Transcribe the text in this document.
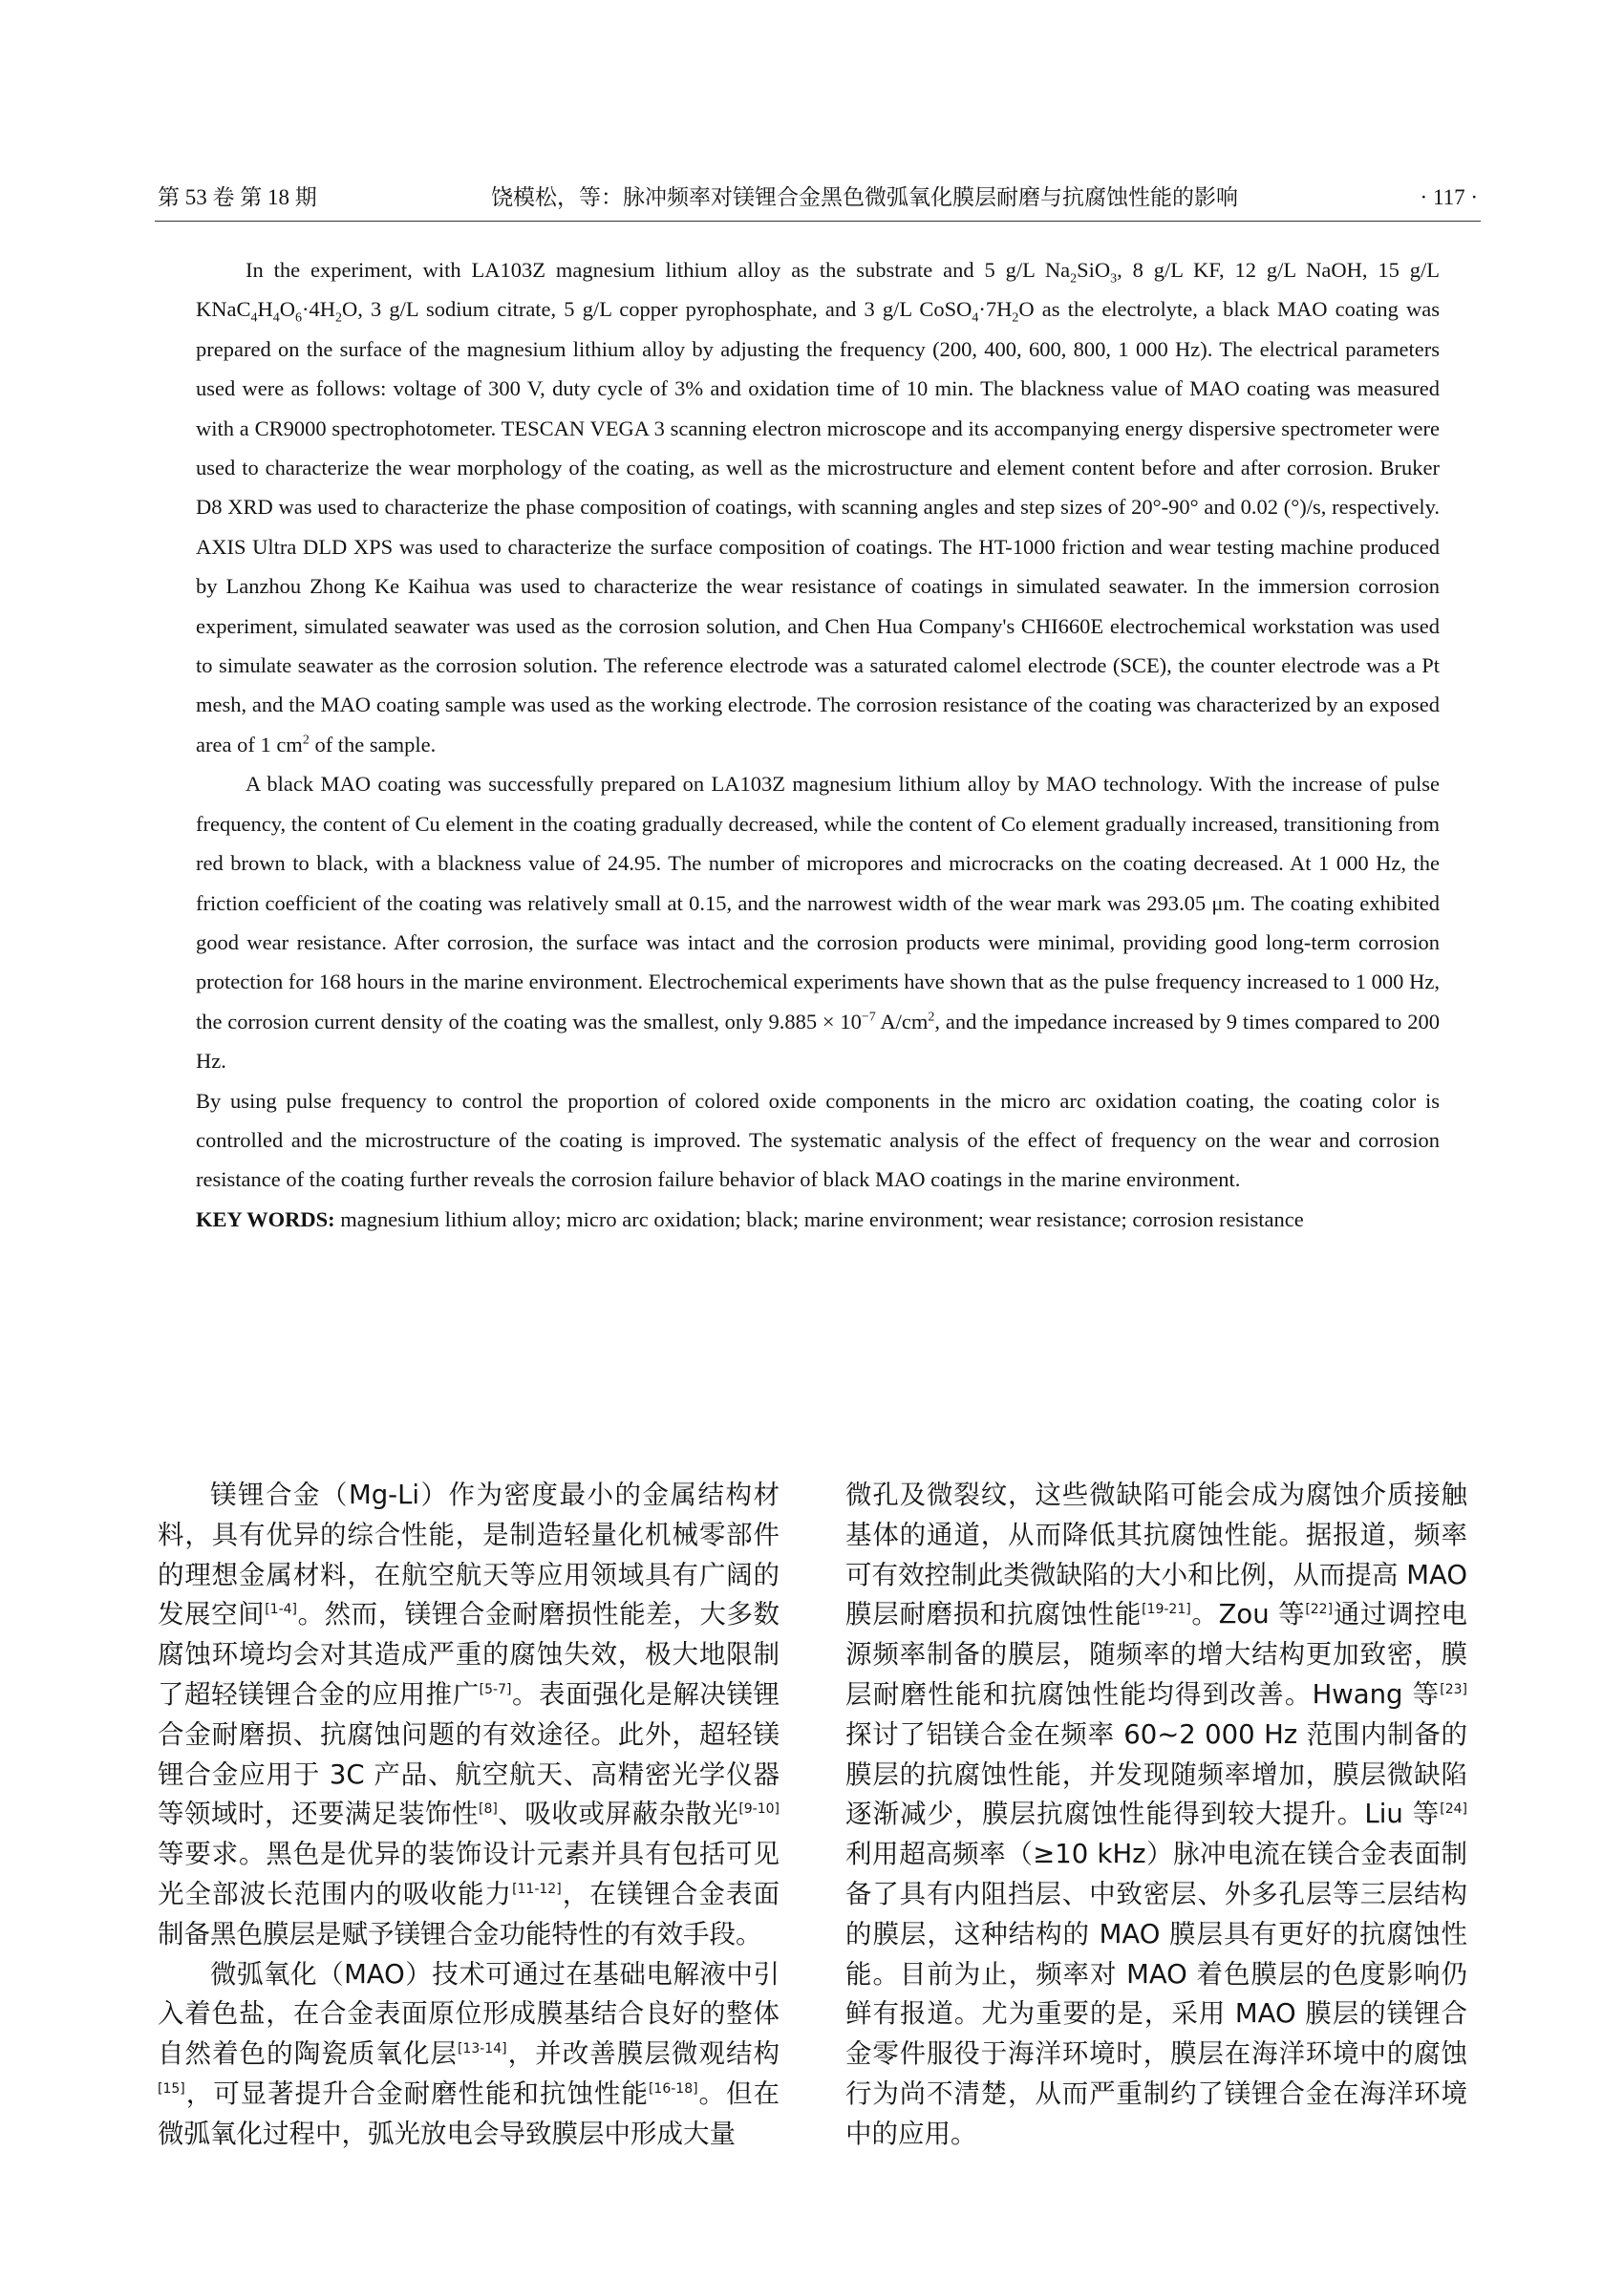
第 53 卷 第 18 期	饶模松，等：脉冲频率对镁锂合金黑色微弧氧化膜层耐磨与抗腐蚀性能的影响	· 117 ·

In the experiment, with LA103Z magnesium lithium alloy as the substrate and 5 g/L $Na_2SiO_3$, 8 g/L KF, 12 g/L NaOH, 15 g/L $KNaC_4H_4O_6\cdot 4H_2O$, 3 g/L sodium citrate, 5 g/L copper pyrophosphate, and 3 g/L $CoSO_4\cdot 7H_2O$ as the electrolyte, a black MAO coating was prepared on the surface of the magnesium lithium alloy by adjusting the frequency (200, 400, 600, 800, 1 000 Hz). The electrical parameters used were as follows: voltage of 300 V, duty cycle of 3% and oxidation time of 10 min. The blackness value of MAO coating was measured with a CR9000 spectrophotometer. TESCAN VEGA 3 scanning electron microscope and its accompanying energy dispersive spectrometer were used to characterize the wear morphology of the coating, as well as the microstructure and element content before and after corrosion. Bruker D8 XRD was used to characterize the phase composition of coatings, with scanning angles and step sizes of 20°-90° and 0.02 (°)/s, respectively. AXIS Ultra DLD XPS was used to characterize the surface composition of coatings. The HT-1000 friction and wear testing machine produced by Lanzhou Zhong Ke Kaihua was used to characterize the wear resistance of coatings in simulated seawater. In the immersion corrosion experiment, simulated seawater was used as the corrosion solution, and Chen Hua Company's CHI660E electrochemical workstation was used to simulate seawater as the corrosion solution. The reference electrode was a saturated calomel electrode (SCE), the counter electrode was a Pt mesh, and the MAO coating sample was used as the working electrode. The corrosion resistance of the coating was characterized by an exposed area of 1 $cm^2$ of the sample.

A black MAO coating was successfully prepared on LA103Z magnesium lithium alloy by MAO technology. With the increase of pulse frequency, the content of Cu element in the coating gradually decreased, while the content of Co element gradually increased, transitioning from red brown to black, with a blackness value of 24.95. The number of micropores and microcracks on the coating decreased. At 1 000 Hz, the friction coefficient of the coating was relatively small at 0.15, and the narrowest width of the wear mark was 293.05 μm. The coating exhibited good wear resistance. After corrosion, the surface was intact and the corrosion products were minimal, providing good long-term corrosion protection for 168 hours in the marine environment. Electrochemical experiments have shown that as the pulse frequency increased to 1 000 Hz, the corrosion current density of the coating was the smallest, only $9.885 \times 10^{-7}$ $A/cm^2$, and the impedance increased by 9 times compared to 200 Hz.

By using pulse frequency to control the proportion of colored oxide components in the micro arc oxidation coating, the coating color is controlled and the microstructure of the coating is improved. The systematic analysis of the effect of frequency on the wear and corrosion resistance of the coating further reveals the corrosion failure behavior of black MAO coatings in the marine environment.

KEY WORDS: magnesium lithium alloy; micro arc oxidation; black; marine environment; wear resistance; corrosion resistance

镁锂合金（Mg-Li）作为密度最小的金属结构材料，具有优异的综合性能，是制造轻量化机械零部件的理想金属材料，在航空航天等应用领域具有广阔的发展空间[1-4]。然而，镁锂合金耐磨损性能差，大多数腐蚀环境均会对其造成严重的腐蚀失效，极大地限制了超轻镁锂合金的应用推广[5-7]。表面强化是解决镁锂合金耐磨损、抗腐蚀问题的有效途径。此外，超轻镁锂合金应用于 3C 产品、航空航天、高精密光学仪器等领域时，还要满足装饰性[8]、吸收或屏蔽杂散光[9-10]等要求。黑色是优异的装饰设计元素并具有包括可见光全部波长范围内的吸收能力[11-12]，在镁锂合金表面制备黑色膜层是赋予镁锂合金功能特性的有效手段。

微弧氧化（MAO）技术可通过在基础电解液中引入着色盐，在合金表面原位形成膜基结合良好的整体自然着色的陶瓷质氧化层[13-14]，并改善膜层微观结构[15]，可显著提升合金耐磨性能和抗蚀性能[16-18]。但在微弧氧化过程中，弧光放电会导致膜层中形成大量

微孔及微裂纹，这些微缺陷可能会成为腐蚀介质接触基体的通道，从而降低其抗腐蚀性能。据报道，频率可有效控制此类微缺陷的大小和比例，从而提高 MAO 膜层耐磨损和抗腐蚀性能[19-21]。Zou 等[22]通过调控电源频率制备的膜层，随频率的增大结构更加致密，膜层耐磨性能和抗腐蚀性能均得到改善。Hwang 等[23]探讨了铝镁合金在频率 60~2 000 Hz 范围内制备的膜层的抗腐蚀性能，并发现随频率增加，膜层微缺陷逐渐减少，膜层抗腐蚀性能得到较大提升。Liu 等[24]利用超高频率（≥10 kHz）脉冲电流在镁合金表面制备了具有内阻挡层、中致密层、外多孔层等三层结构的膜层，这种结构的 MAO 膜层具有更好的抗腐蚀性能。目前为止，频率对 MAO 着色膜层的色度影响仍鲜有报道。尤为重要的是，采用 MAO 膜层的镁锂合金零件服役于海洋环境时，膜层在海洋环境中的腐蚀行为尚不清楚，从而严重制约了镁锂合金在海洋环境中的应用。
